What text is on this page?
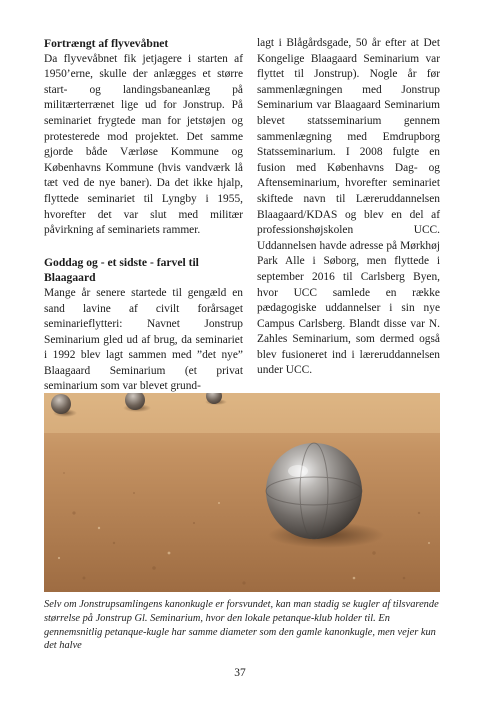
Fortrængt af flyvevåbnet

Da flyvevåbnet fik jetjagere i starten af 1950’erne, skulle der anlægges et større start- og landingsbaneanlæg på militærterrænet lige ud for Jonstrup. På seminariet frygtede man for jetstøjen og protesterede mod projektet. Det samme gjorde både Værløse Kommune og Københavns Kommune (hvis vandværk lå tæt ved de nye baner). Da det ikke hjalp, flyttede seminariet til Lyngby i 1955, hvorefter det var slut med militær påvirkning af seminariets rammer.

Goddag og - et sidste - farvel til Blaagaard

Mange år senere startede til gengæld en sand lavine af civilt forårsaget seminarieflytteri: Navnet Jonstrup Seminarium gled ud af brug, da seminariet i 1992 blev lagt sammen med ”det nye” Blaagaard Seminarium (et privat seminarium som var blevet grund-

lagt i Blågårdsgade, 50 år efter at Det Kongelige Blaagaard Seminarium var flyttet til Jonstrup). Nogle år før sammenlægningen med Jonstrup Seminarium var Blaagaard Seminarium blevet statsseminarium gennem sammenlægning med Emdrupborg Statsseminarium. I 2008 fulgte en fusion med Københavns Dag- og Aftenseminarium, hvorefter seminariet skiftede navn til Læreruddannelsen Blaagaard/KDAS og blev en del af professionshøjskolen UCC. Uddannelsen havde adresse på Mørkhøj Park Alle i Søborg, men flyttede i september 2016 til Carlsberg Byen, hvor UCC samlede en række pædagogiske uddannelser i sin nye Campus Carlsberg. Blandt disse var N. Zahles Seminarium, som dermed også blev fusioneret ind i læreruddannelsen under UCC.

Selv om Jonstrupsamlingens kanonkugle er forsvundet, kan man stadig se kugler af tilsvarende størrelse på Jonstrup Gl. Seminarium, hvor den lokale petanque-klub holder til. En gennemsnitlig petanque-kugle har samme diameter som den gamle kanonkugle, men vejer kun det halve

37
